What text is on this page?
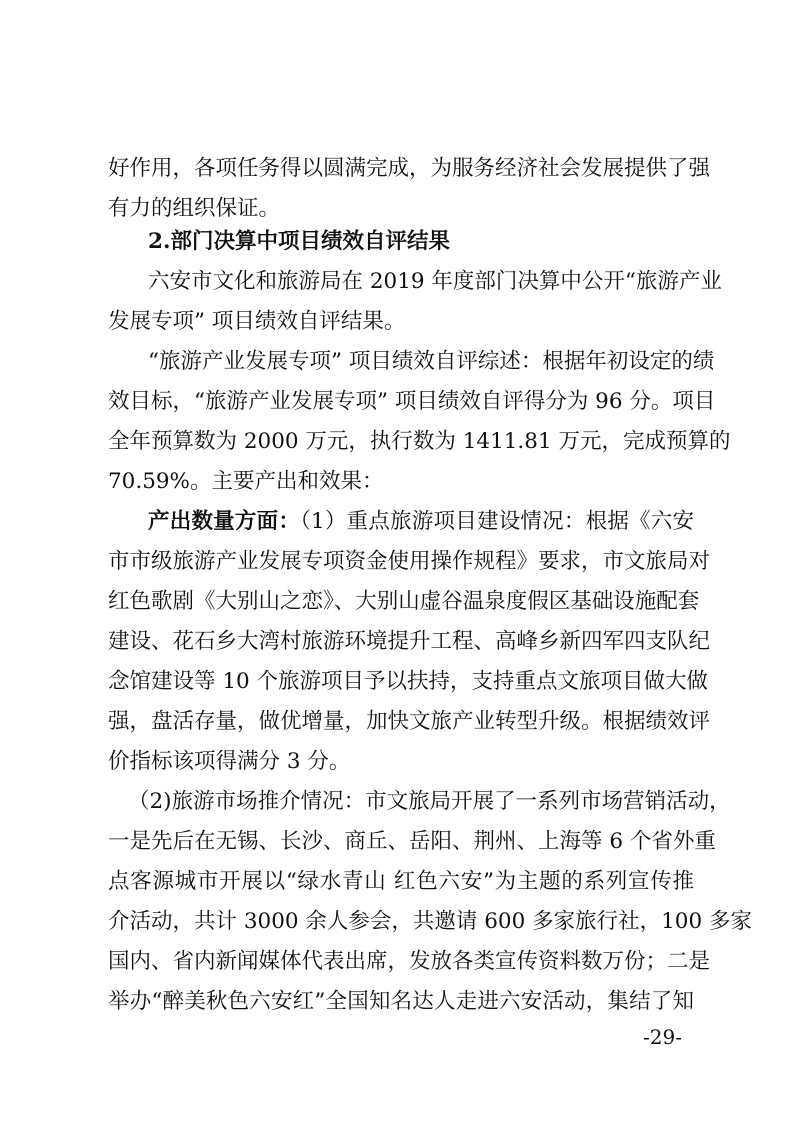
好作用，各项任务得以圆满完成，为服务经济社会发展提供了强
有力的组织保证。
2.部门决算中项目绩效自评结果
六安市文化和旅游局在 2019 年度部门决算中公开“旅游产业
发展专项” 项目绩效自评结果。
“旅游产业发展专项” 项目绩效自评综述：根据年初设定的绩
效目标，“旅游产业发展专项” 项目绩效自评得分为 96 分。项目
全年预算数为 2000 万元，执行数为 1411.81 万元，完成预算的
70.59%。主要产出和效果：
产出数量方面：（1）重点旅游项目建设情况：根据《六安
市市级旅游产业发展专项资金使用操作规程》要求，市文旅局对
红色歌剧《大别山之恋》、大别山虚谷温泉度假区基础设施配套
建设、花石乡大湾村旅游环境提升工程、高峰乡新四军四支队纪
念馆建设等 10 个旅游项目予以扶持，支持重点文旅项目做大做
强，盘活存量，做优增量，加快文旅产业转型升级。根据绩效评
价指标该项得满分 3 分。
（2)旅游市场推介情况：市文旅局开展了一系列市场营销活动，
一是先后在无锡、长沙、商丘、岳阳、荆州、上海等 6 个省外重
点客源城市开展以“绿水青山 红色六安”为主题的系列宣传推
介活动，共计 3000 余人参会，共邀请 600 多家旅行社，100 多家
国内、省内新闻媒体代表出席，发放各类宣传资料数万份；二是
举办“醉美秋色六安红”全国知名达人走进六安活动，集结了知
-29-
